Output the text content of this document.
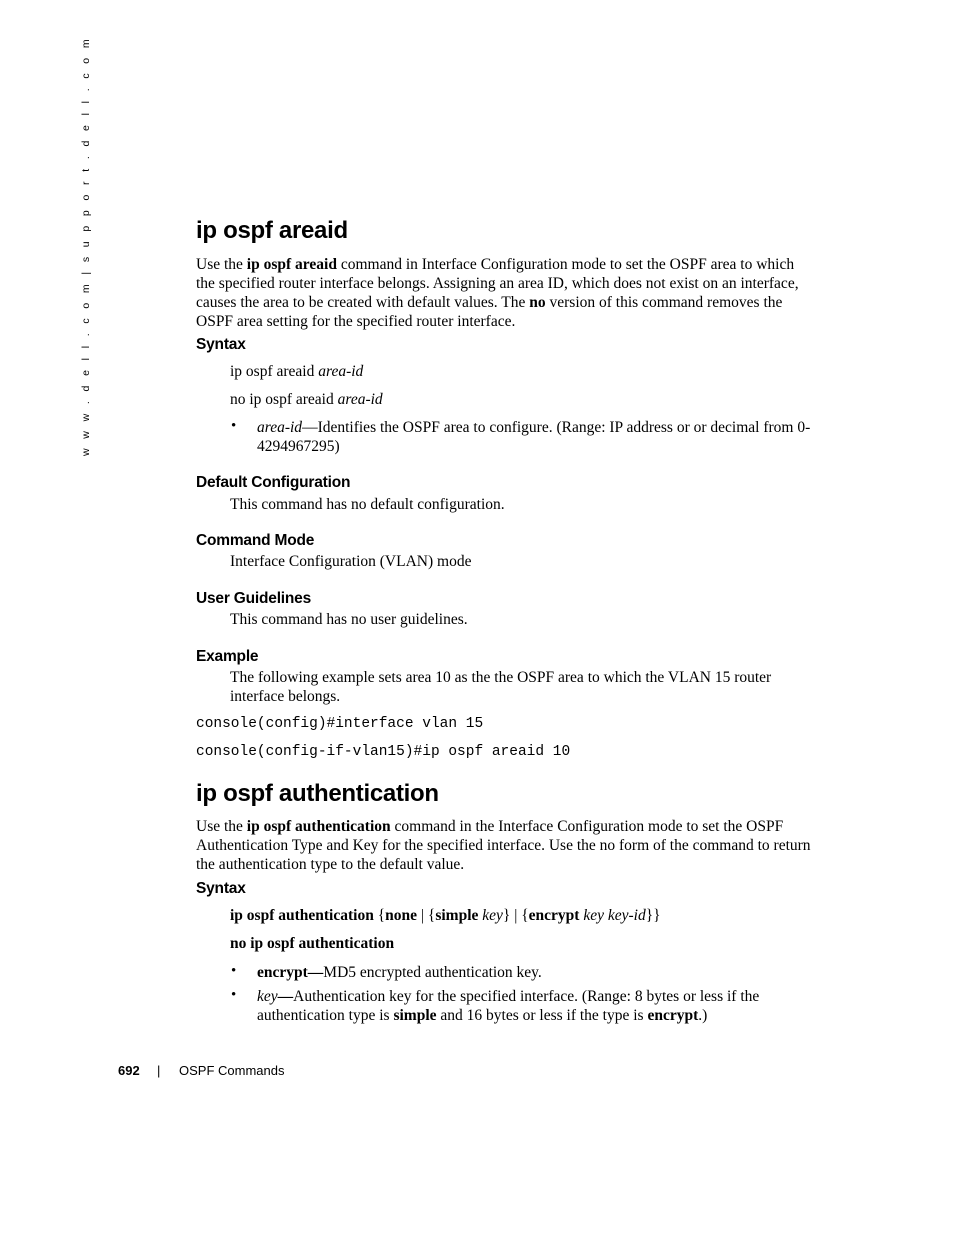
w w w . d e l l . c o m | s u p p o r t . d e l l . c o m	ip ospf areaid

Use the ip ospf areaid command in Interface Configuration mode to set the OSPF area to which the specified router interface belongs. Assigning an area ID, which does not exist on an interface, causes the area to be created with default values. The no version of this command removes the OSPF area setting for the specified router interface.

Syntax

ip ospf areaid area-id

no ip ospf areaid area-id

• area-id—Identifies the OSPF area to configure. (Range: IP address or or decimal from 0-
4294967295)

Default Configuration

This command has no default configuration.

Command Mode

Interface Configuration (VLAN) mode

User Guidelines

This command has no user guidelines.

Example

The following example sets area 10 as the the OSPF area to which the VLAN 15 router
interface belongs.

console(config)#interface vlan 15
console(config-if-vlan15)#ip ospf areaid 10
ip ospf authentication

Use the ip ospf authentication command in the Interface Configuration mode to set the OSPF Authentication Type and Key for the specified interface. Use the no form of the command to return the authentication type to the default value.

Syntax

ip ospf authentication {none | {simple key} | {encrypt key key-id}}

no ip ospf authentication

• encrypt—MD5 encrypted authentication key.

• key—Authentication key for the specified interface. (Range: 8 bytes or less if the
authentication type is simple and 16 bytes or less if the type is encrypt.)

692 | OSPF Commands
